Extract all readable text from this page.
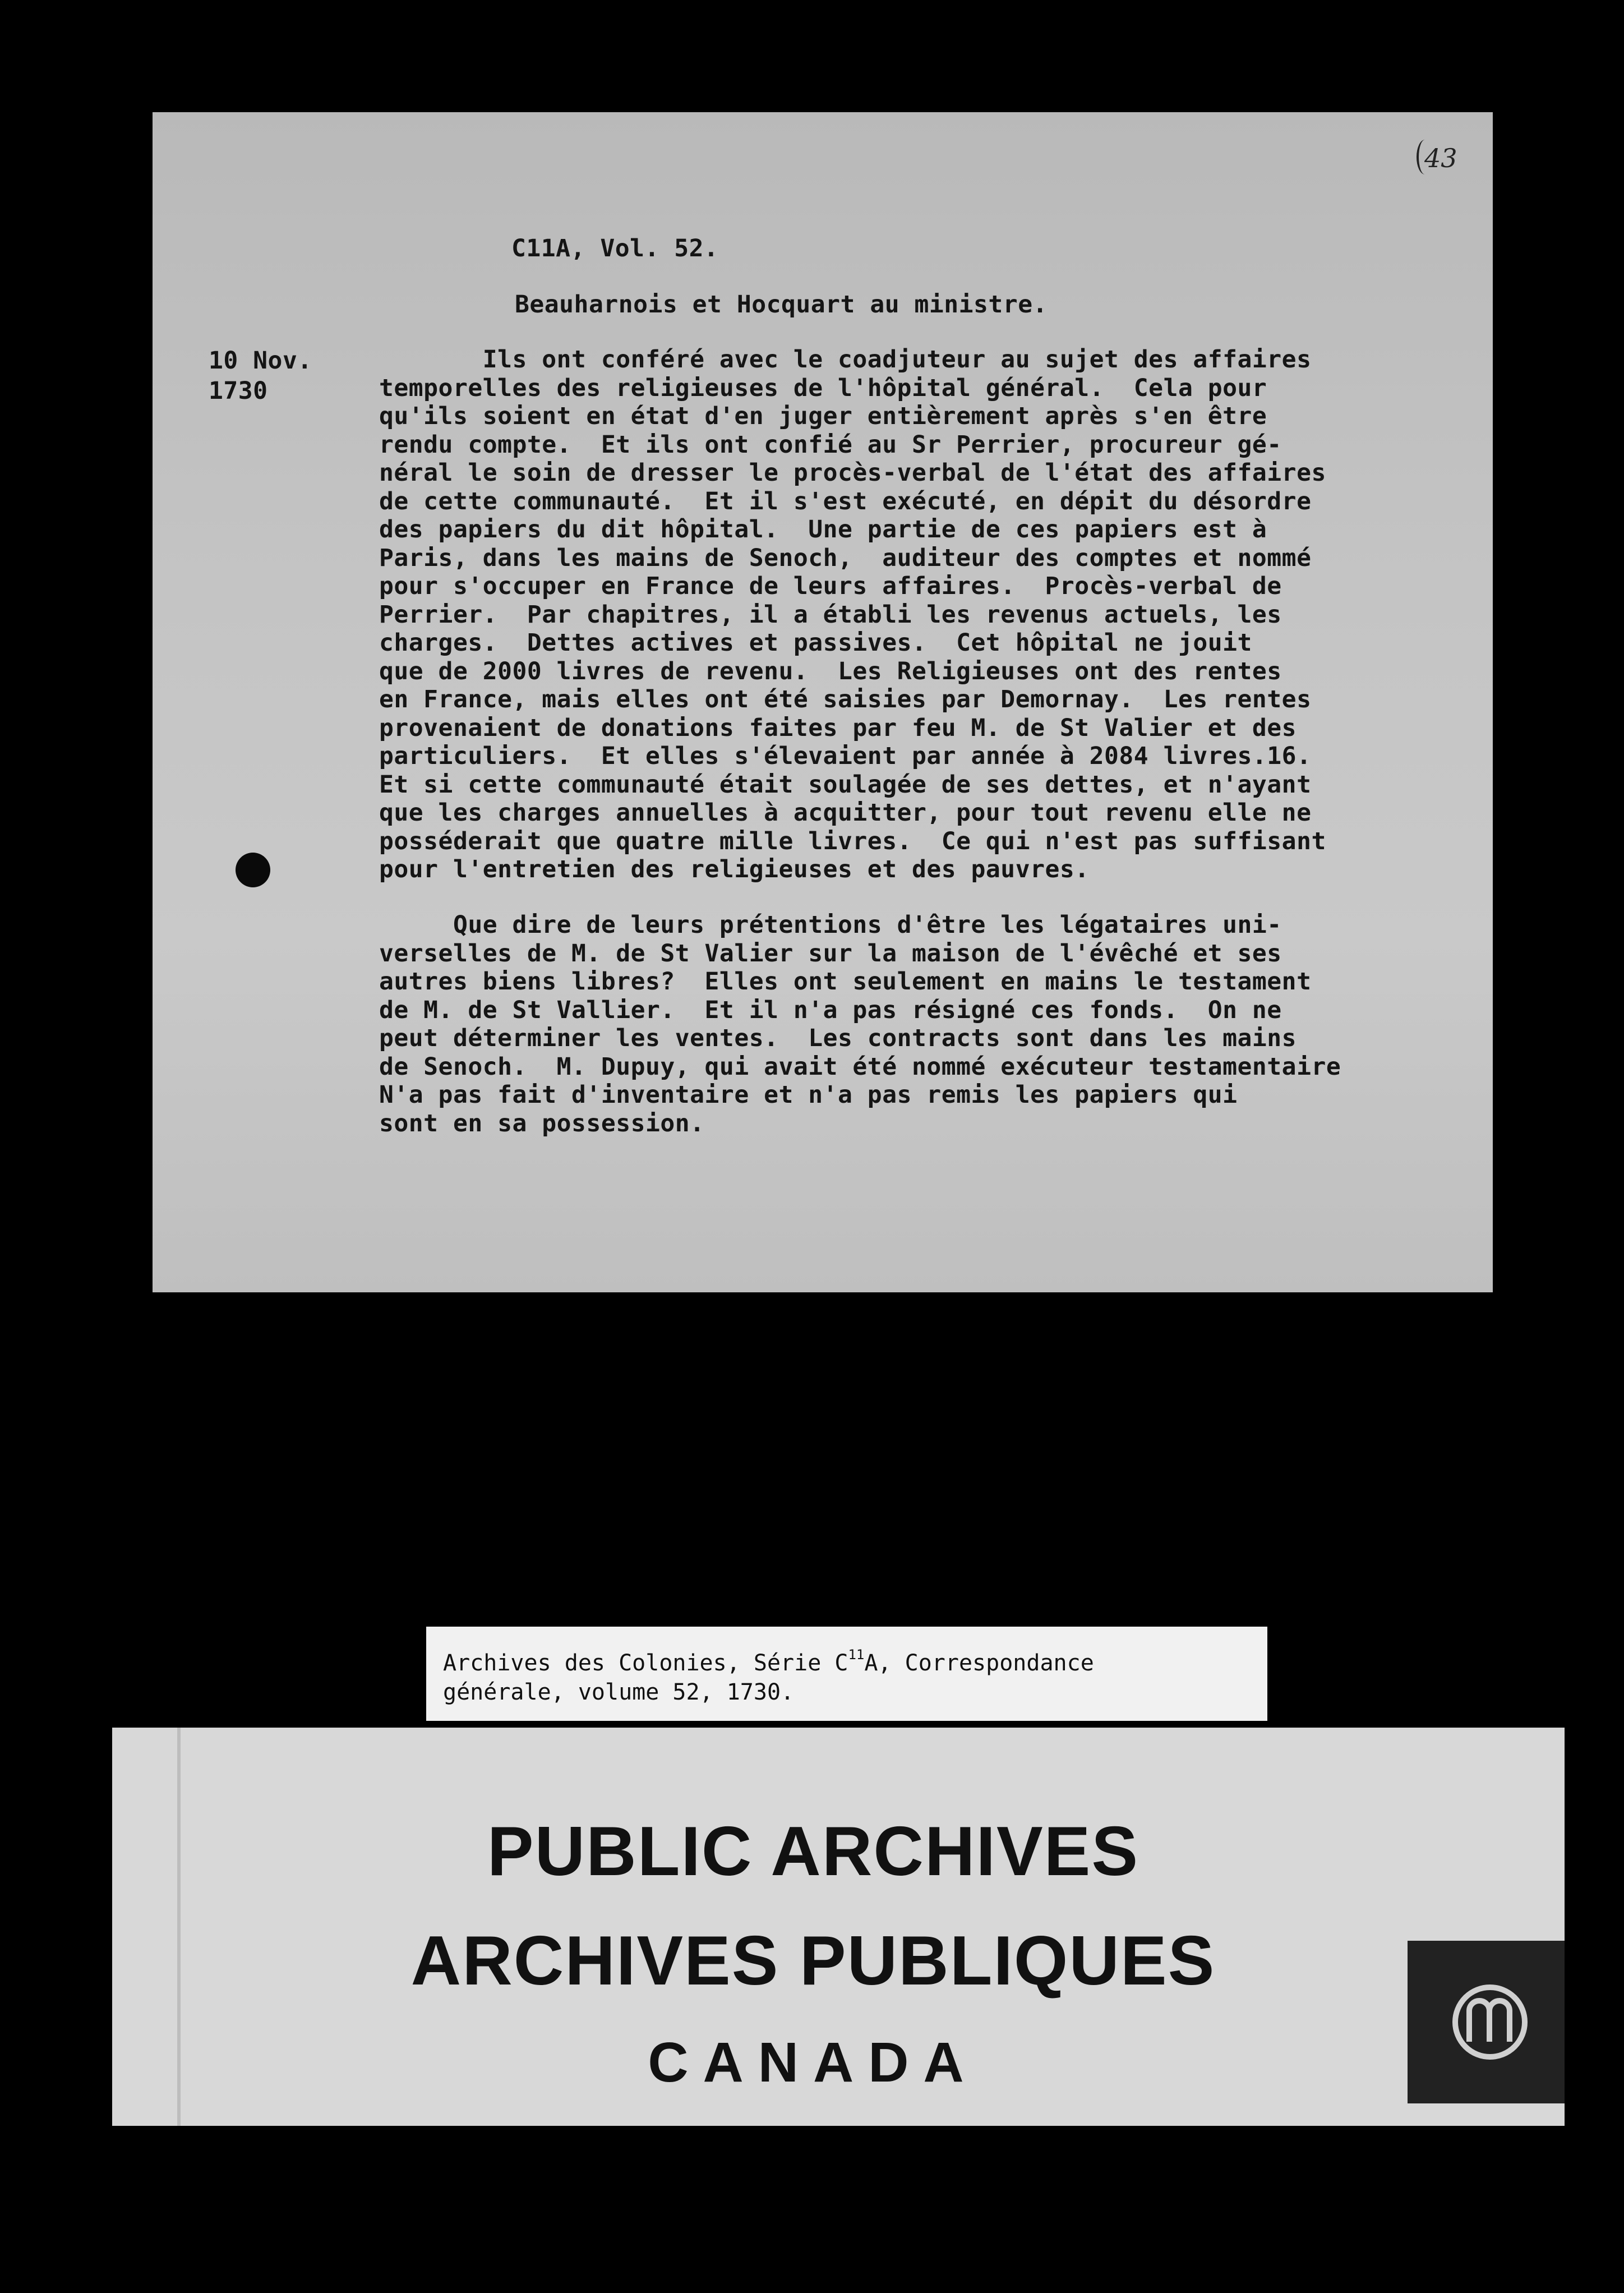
43
C11A, Vol. 52.
Beauharnois et Hocquart au ministre.
10 Nov.
1730
Ils ont conféré avec le coadjuteur au sujet des affaires
temporelles des religieuses de l'hôpital général.  Cela pour
qu'ils soient en état d'en juger entièrement après s'en être
rendu compte.  Et ils ont confié au Sr Perrier, procureur gé-
néral le soin de dresser le procès-verbal de l'état des affaires
de cette communauté.  Et il s'est exécuté, en dépit du désordre
des papiers du dit hôpital.  Une partie de ces papiers est à
Paris, dans les mains de Senoch,  auditeur des comptes et nommé
pour s'occuper en France de leurs affaires.  Procès-verbal de
Perrier.  Par chapitres, il a établi les revenus actuels, les
charges.  Dettes actives et passives.  Cet hôpital ne jouit
que de 2000 livres de revenu.  Les Religieuses ont des rentes
en France, mais elles ont été saisies par Demornay.  Les rentes
provenaient de donations faites par feu M. de St Valier et des
particuliers.  Et elles s'élevaient par année à 2084 livres.16.
Et si cette communauté était soulagée de ses dettes, et n'ayant
que les charges annuelles à acquitter, pour tout revenu elle ne
posséderait que quatre mille livres.  Ce qui n'est pas suffisant
pour l'entretien des religieuses et des pauvres.
Que dire de leurs prétentions d'être les légataires uni-
verselles de M. de St Valier sur la maison de l'évêché et ses
autres biens libres?  Elles ont seulement en mains le testament
de M. de St Vallier.  Et il n'a pas résigné ces fonds.  On ne
peut déterminer les ventes.  Les contracts sont dans les mains
de Senoch.  M. Dupuy, qui avait été nommé exécuteur testamentaire
N'a pas fait d'inventaire et n'a pas remis les papiers qui
sont en sa possession.

Archives des Colonies, Série $C^{11}A$, Correspondance

générale, volume 52, 1730.

PUBLIC ARCHIVES
ARCHIVES PUBLIQUES
CANADA
